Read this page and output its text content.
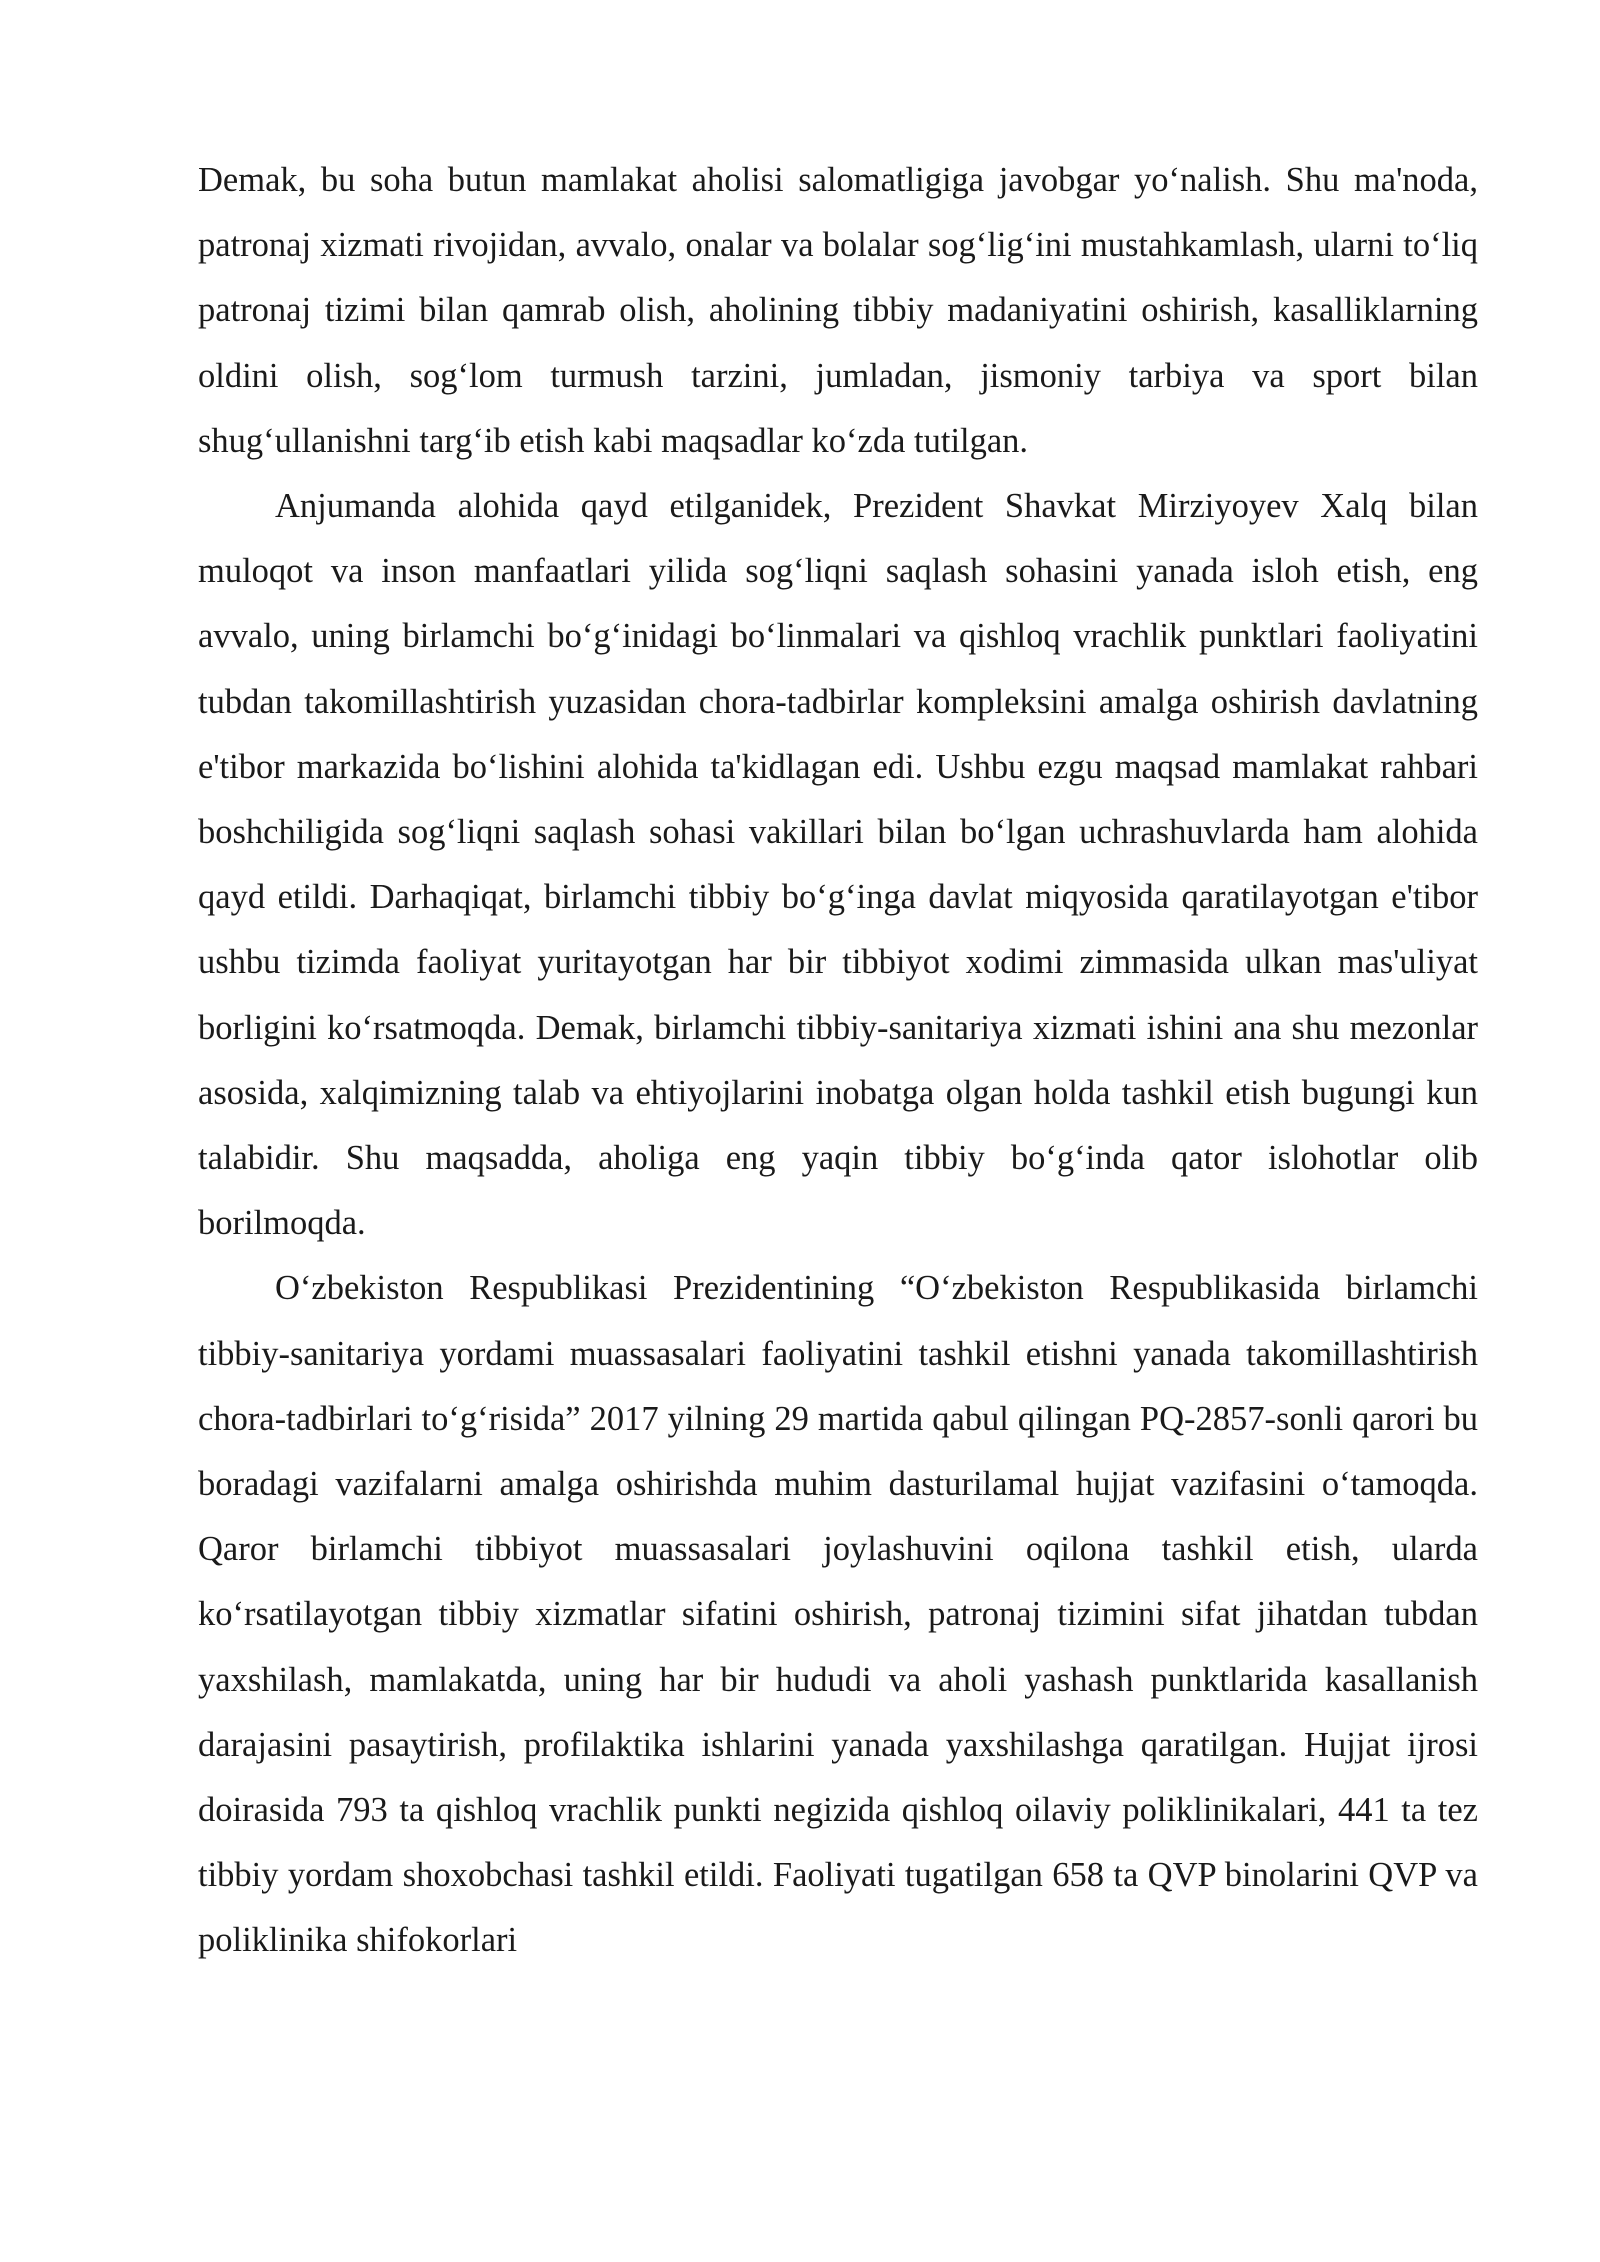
Demak, bu soha butun mamlakat aholisi salomatligiga javobgar yo‘nalish. Shu ma'noda, patronaj xizmati rivojidan, avvalo, onalar va bolalar sog‘lig‘ini mustahkamlash, ularni to‘liq patronaj tizimi bilan qamrab olish, aholining tibbiy madaniyatini oshirish, kasalliklarning oldini olish, sog‘lom turmush tarzini, jumladan, jismoniy tarbiya va sport bilan shug‘ullanishni targ‘ib etish kabi maqsadlar ko‘zda tutilgan.

Anjumanda alohida qayd etilganidek, Prezident Shavkat Mirziyoyev Xalq bilan muloqot va inson manfaatlari yilida sog‘liqni saqlash sohasini yanada isloh etish, eng avvalo, uning birlamchi bo‘g‘inidagi bo‘linmalari va qishloq vrachlik punktlari faoliyatini tubdan takomillashtirish yuzasidan chora-tadbirlar kompleksini amalga oshirish davlatning e'tibor markazida bo‘lishini alohida ta'kidlagan edi. Ushbu ezgu maqsad mamlakat rahbari boshchiligida sog‘liqni saqlash sohasi vakillari bilan bo‘lgan uchrashuvlarda ham alohida qayd etildi. Darhaqiqat, birlamchi tibbiy bo‘g‘inga davlat miqyosida qaratilayotgan e'tibor ushbu tizimda faoliyat yuritayotgan har bir tibbiyot xodimi zimmasida ulkan mas'uliyat borligini ko‘rsatmoqda. Demak, birlamchi tibbiy-sanitariya xizmati ishini ana shu mezonlar asosida, xalqimizning talab va ehtiyojlarini inobatga olgan holda tashkil etish bugungi kun talabidir. Shu maqsadda, aholiga eng yaqin tibbiy bo‘g‘inda qator islohotlar olib borilmoqda.

O‘zbekiston Respublikasi Prezidentining “O‘zbekiston Respublikasida birlamchi tibbiy-sanitariya yordami muassasalari faoliyatini tashkil etishni yanada takomillashtirish chora-tadbirlari to‘g‘risida” 2017 yilning 29 martida qabul qilingan PQ-2857-sonli qarori bu boradagi vazifalarni amalga oshirishda muhim dasturilamal hujjat vazifasini o‘tamoqda. Qaror birlamchi tibbiyot muassasalari joylashuvini oqilona tashkil etish, ularda ko‘rsatilayotgan tibbiy xizmatlar sifatini oshirish, patronaj tizimini sifat jihatdan tubdan yaxshilash, mamlakatda, uning har bir hududi va aholi yashash punktlarida kasallanish darajasini pasaytirish, profilaktika ishlarini yanada yaxshilashga qaratilgan. Hujjat ijrosi doirasida 793 ta qishloq vrachlik punkti negizida qishloq oilaviy poliklinikalari, 441 ta tez tibbiy yordam shoxobchasi tashkil etildi. Faoliyati tugatilgan 658 ta QVP binolarini QVP va poliklinika shifokorlari
